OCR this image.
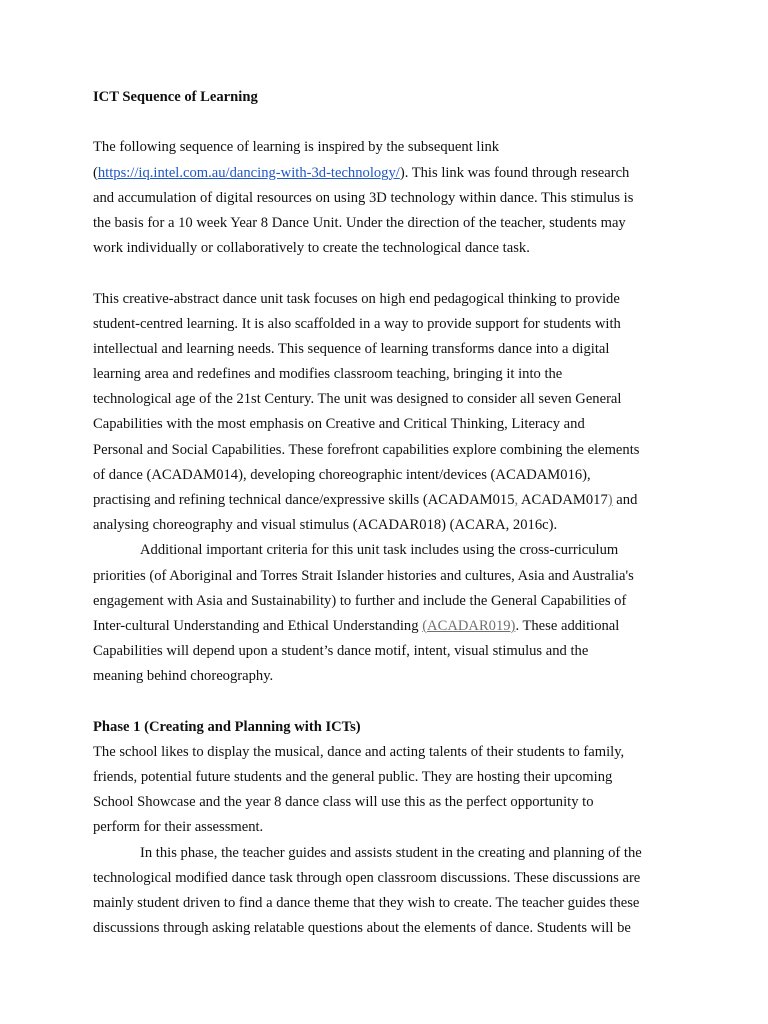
ICT Sequence of Learning
The following sequence of learning is inspired by the subsequent link
(https://iq.intel.com.au/dancing-with-3d-technology/). This link was found through research
and accumulation of digital resources on using 3D technology within dance. This stimulus is
the basis for a 10 week Year 8 Dance Unit. Under the direction of the teacher, students may
work individually or collaboratively to create the technological dance task.
This creative-abstract dance unit task focuses on high end pedagogical thinking to provide
student-centred learning. It is also scaffolded in a way to provide support for students with
intellectual and learning needs. This sequence of learning transforms dance into a digital
learning area and redefines and modifies classroom teaching, bringing it into the
technological age of the 21st Century. The unit was designed to consider all seven General
Capabilities with the most emphasis on Creative and Critical Thinking, Literacy and
Personal and Social Capabilities. These forefront capabilities explore combining the elements
of dance (ACADAM014), developing choreographic intent/devices (ACADAM016),
practising and refining technical dance/expressive skills (ACADAM015, ACADAM017) and
analysing choreography and visual stimulus (ACADAR018) (ACARA, 2016c).
Additional important criteria for this unit task includes using the cross-curriculum
priorities (of Aboriginal and Torres Strait Islander histories and cultures, Asia and Australia's
engagement with Asia and Sustainability) to further and include the General Capabilities of
Inter-cultural Understanding and Ethical Understanding (ACADAR019). These additional
Capabilities will depend upon a student’s dance motif, intent, visual stimulus and the
meaning behind choreography.
Phase 1 (Creating and Planning with ICTs)
The school likes to display the musical, dance and acting talents of their students to family,
friends, potential future students and the general public. They are hosting their upcoming
School Showcase and the year 8 dance class will use this as the perfect opportunity to
perform for their assessment.
In this phase, the teacher guides and assists student in the creating and planning of the
technological modified dance task through open classroom discussions. These discussions are
mainly student driven to find a dance theme that they wish to create. The teacher guides these
discussions through asking relatable questions about the elements of dance. Students will be
